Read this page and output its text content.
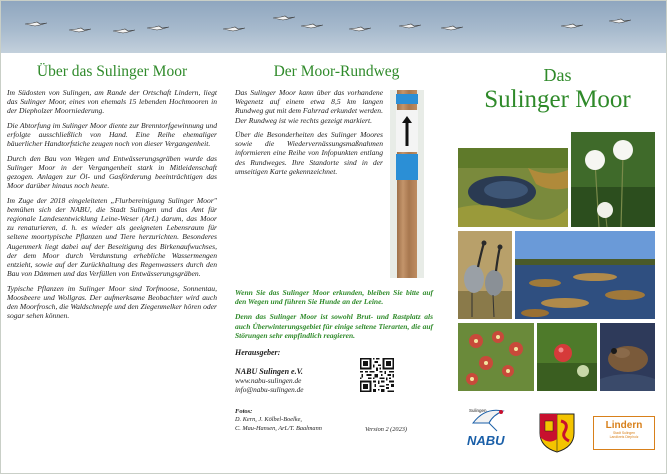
Über das Sulinger Moor

Im Südosten von Sulingen, am Rande der Ortschaft Lindern, liegt das Sulinger Moor, eines von ehemals 15 lebenden Hochmooren in der Diepholzer Moorniederung.

Die Abtorfung im Sulinger Moor diente zur Brenntorfgewinnung und erfolgte ausschließlich von Hand. Eine Reihe ehemaliger bäuerlicher Handtorfstiche zeugen noch von dieser Vergangenheit.

Durch den Bau von Wegen und Entwässerungsgräben wurde das Sulinger Moor in der Vergangenheit stark in Mitleidenschaft gezogen. Anlagen zur Öl- und Gasförderung beeinträchtigen das Moor darüber hinaus noch heute.

Im Zuge der 2018 eingeleiteten „Flurbereinigung Sulinger Moor" bemühen sich der NABU, die Stadt Sulingen und das Amt für regionale Landesentwicklung Leine-Weser (ArL) darum, das Moor zu renaturieren, d. h. es wieder als geeigneten Lebensraum für seltene moortypische Pflanzen und Tiere herzurichten. Besonderes Augenmerk liegt dabei auf der Beseitigung des Birkenaufwuchses, der dem Moor durch Verdunstung erhebliche Wassermengen entzieht, sowie auf der Zurückhaltung des Regenwassers durch den Bau von Dämmen und das Verfüllen von Entwässerungsgräben.

Typische Pflanzen im Sulinger Moor sind Torfmoose, Sonnentau, Moosbeere und Wollgras. Der aufmerksame Beobachter wird auch den Moorfrosch, die Waldschnepfe und den Ziegenmelker hören oder sogar sehen können.

Der Moor-Rundweg

Das Sulinger Moor kann über das vorhandene Wegenetz auf einem etwa 8,5 km langen Rundweg gut mit dem Fahrrad erkundet werden. Der Rundweg ist wie rechts gezeigt markiert.

Über die Besonderheiten des Sulinger Moores sowie die Wiedervernässungsmaßnahmen informieren eine Reihe von Infopunkten entlang des Rundweges. Ihre Standorte sind in der umseitigen Karte gekennzeichnet.

Wenn Sie das Sulinger Moor erkunden, bleiben Sie bitte auf den Wegen und führen Sie Hunde an der Leine.

Denn das Sulinger Moor ist sowohl Brut- und Rastplatz als auch Überwinterungsgebiet für einige seltene Tierarten, die auf Störungen sehr empfindlich reagieren.

Herausgeber:
NABU Sulingen e.V.
www.nabu-sulingen.de
info@nabu-sulingen.de
Fotos:
D. Kern, J. Kölbel-Boelke,
C. Mau-Hansen, ArL/T. Baalmann	Version 2 (2023)
Das
Sulinger Moor
NABU
Sulingen
Lindern
Stadt Sulingen
Landkreis Diepholz
